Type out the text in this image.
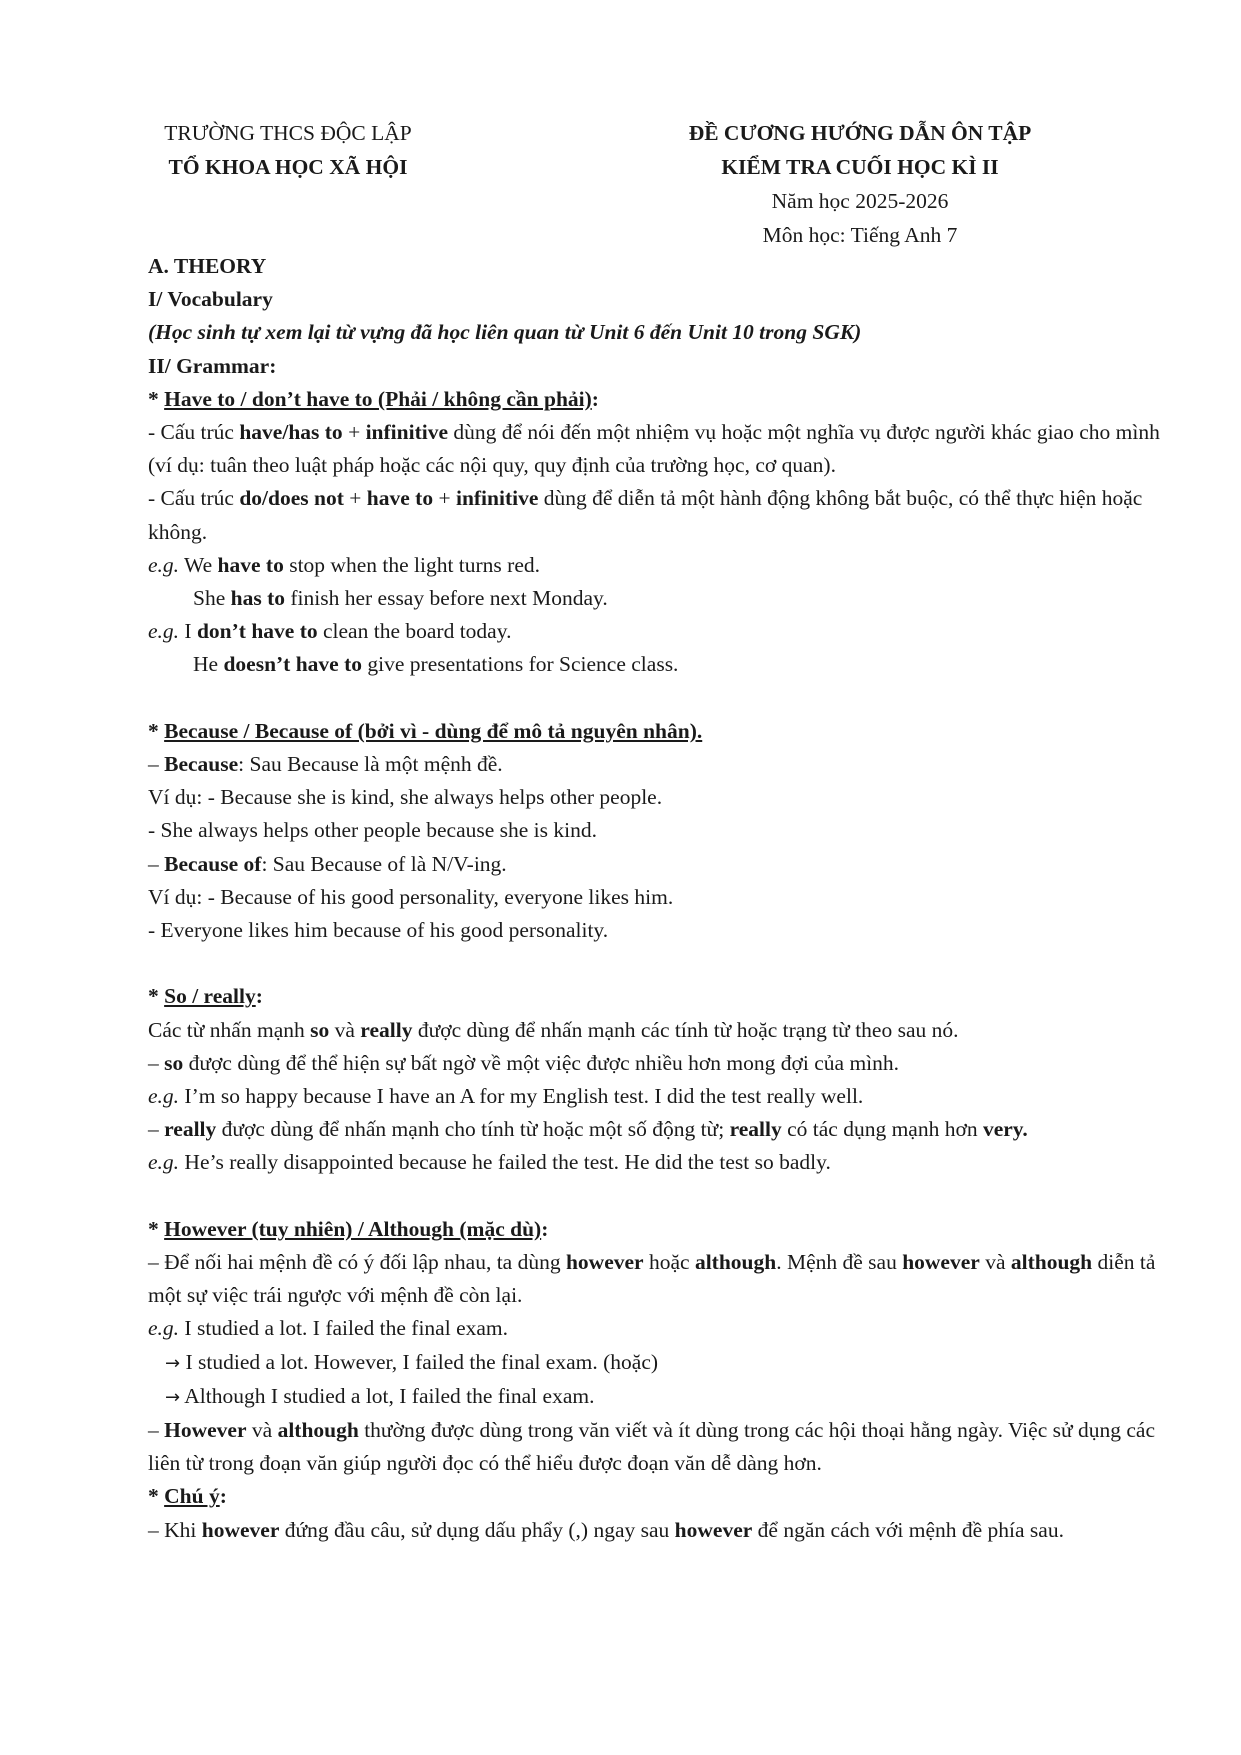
TRƯỜNG THCS ĐỘC LẬP
TỔ KHOA HỌC XÃ HỘI
ĐỀ CƯƠNG HƯỚNG DẪN ÔN TẬP
KIỂM TRA CUỐI HỌC KÌ II
Năm học 2025-2026
Môn học: Tiếng Anh 7

A. THEORY

I/ Vocabulary

(Học sinh tự xem lại từ vựng đã học liên quan từ Unit 6 đến Unit 10 trong SGK)

II/ Grammar:

* Have to / don’t have to (Phải / không cần phải):

- Cấu trúc have/has to + infinitive dùng để nói đến một nhiệm vụ hoặc một nghĩa vụ được người khác giao cho mình (ví dụ: tuân theo luật pháp hoặc các nội quy, quy định của trường học, cơ quan).

- Cấu trúc do/does not + have to + infinitive dùng để diễn tả một hành động không bắt buộc, có thể thực hiện hoặc không.

e.g. We have to stop when the light turns red.

She has to finish her essay before next Monday.

e.g. I don’t have to clean the board today.

He doesn’t have to give presentations for Science class.

* Because / Because of (bởi vì - dùng để mô tả nguyên nhân).

– Because: Sau Because là một mệnh đề.

Ví dụ: - Because she is kind, she always helps other people.

- She always helps other people because she is kind.

– Because of: Sau Because of là N/V-ing.

Ví dụ: - Because of his good personality, everyone likes him.

- Everyone likes him because of his good personality.

* So / really:

Các từ nhấn mạnh so và really được dùng để nhấn mạnh các tính từ hoặc trạng từ theo sau nó.

– so được dùng để thể hiện sự bất ngờ về một việc được nhiều hơn mong đợi của mình.

e.g. I’m so happy because I have an A for my English test. I did the test really well.

– really được dùng để nhấn mạnh cho tính từ hoặc một số động từ; really có tác dụng mạnh hơn very.

e.g. He’s really disappointed because he failed the test. He did the test so badly.

* However (tuy nhiên) / Although (mặc dù):

– Để nối hai mệnh đề có ý đối lập nhau, ta dùng however hoặc although. Mệnh đề sau however và although diễn tả một sự việc trái ngược với mệnh đề còn lại.

e.g. I studied a lot. I failed the final exam.

→ I studied a lot. However, I failed the final exam. (hoặc)

→ Although I studied a lot, I failed the final exam.

– However và although thường được dùng trong văn viết và ít dùng trong các hội thoại hằng ngày. Việc sử dụng các liên từ trong đoạn văn giúp người đọc có thể hiểu được đoạn văn dễ dàng hơn.

* Chú ý:

– Khi however đứng đầu câu, sử dụng dấu phẩy (,) ngay sau however để ngăn cách với mệnh đề phía sau.
